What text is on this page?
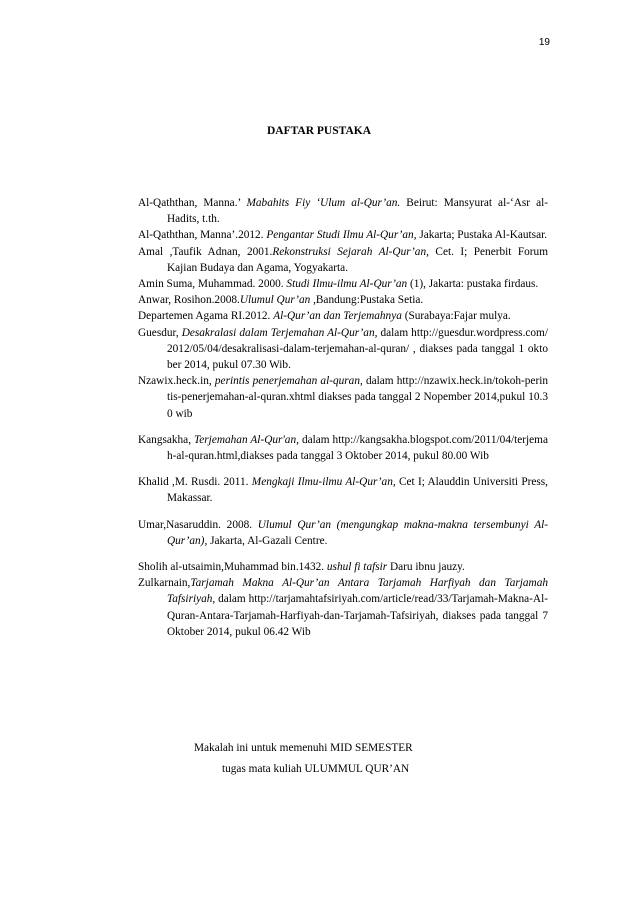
19
DAFTAR PUSTAKA

Al-Qaththan, Manna.’ Mabahits Fiy ‘Ulum al-Qur’an. Beirut: Mansyurat al-‘Asr al-Hadits, t.th.

Al-Qaththan, Manna’.2012. Pengantar Studi Ilmu Al-Qur’an, Jakarta; Pustaka Al-Kautsar.

Amal ,Taufik Adnan, 2001.Rekonstruksi Sejarah Al-Qur’an, Cet. I; Penerbit Forum Kajian Budaya dan Agama, Yogyakarta.

Amin Suma, Muhammad. 2000. Studi Ilmu-ilmu Al-Qur’an (1), Jakarta: pustaka firdaus.

Anwar, Rosihon.2008.Ulumul Qur’an ,Bandung:Pustaka Setia.

Departemen Agama RI.2012. Al-Qur’an dan Terjemahnya (Surabaya:Fajar mulya.

Guesdur, Desakralasi dalam Terjemahan Al-Qur’an, dalam http://guesdur.wordpress.com/2012/05/04/desakralisasi-dalam-terjemahan-al-quran/ , diakses pada tanggal 1 oktober 2014, pukul 07.30 Wib.

Nzawix.heck.in, perintis penerjemahan al-quran, dalam http://nzawix.heck.in/tokoh-perintis-penerjemahan-al-quran.xhtml diakses pada tanggal 2 Nopember 2014,pukul 10.30 wib

Kangsakha, Terjemahan Al-Qur'an, dalam http://kangsakha.blogspot.com/2011/04/terjemah-al-quran.html,diakses pada tanggal 3 Oktober 2014, pukul 80.00 Wib

Khalid ,M. Rusdi. 2011. Mengkaji Ilmu-ilmu Al-Qur’an, Cet I; Alauddin Universiti Press, Makassar.

Umar,Nasaruddin. 2008. Ulumul Qur’an (mengungkap makna-makna tersembunyi Al-Qur’an), Jakarta, Al-Gazali Centre.

Sholih al-utsaimin,Muhammad bin.1432. ushul fi tafsir Daru ibnu jauzy.

Zulkarnain,Tarjamah Makna Al-Qur’an Antara Tarjamah Harfiyah dan Tarjamah Tafsiriyah, dalam http://tarjamahtafsiriyah.com/article/read/33/Tarjamah-Makna-Al-Quran-Antara-Tarjamah-Harfiyah-dan-Tarjamah-Tafsiriyah, diakses pada tanggal 7 Oktober 2014, pukul 06.42 Wib

Makalah ini untuk memenuhi MID SEMESTER
tugas mata kuliah ULUMMUL QUR’AN
